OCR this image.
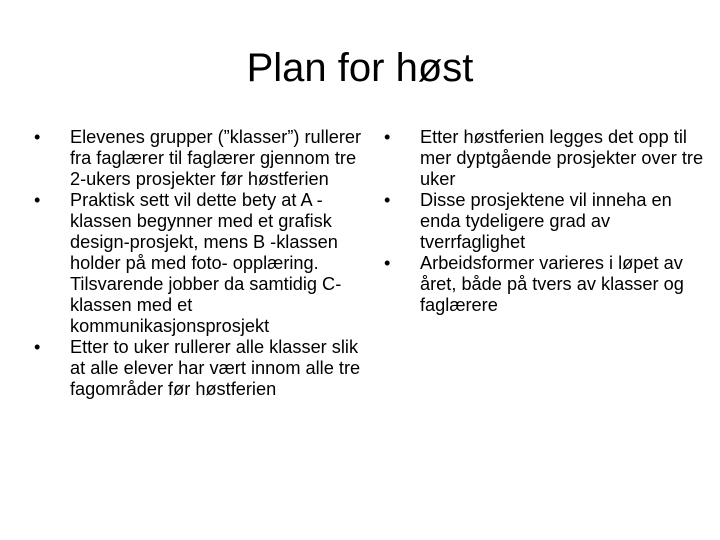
Plan for høst
•	Elevenes grupper (”klasser”) rullerer fra faglærer til faglærer gjennom tre 2-ukers prosjekter før høstferien
•	Praktisk sett vil dette bety at A -klassen begynner med et grafisk design-prosjekt, mens B -klassen holder på med foto- opplæring. Tilsvarende jobber da samtidig C-klassen med et kommunikasjonsprosjekt
•	Etter to uker rullerer alle klasser slik at alle elever har vært innom alle tre fagområder før høstferien
•	Etter høstferien legges det opp til mer dyptgående prosjekter over tre uker
•	Disse prosjektene vil inneha en enda tydeligere grad av tverrfaglighet
•	Arbeidsformer varieres i løpet av året, både på tvers av klasser og faglærere
